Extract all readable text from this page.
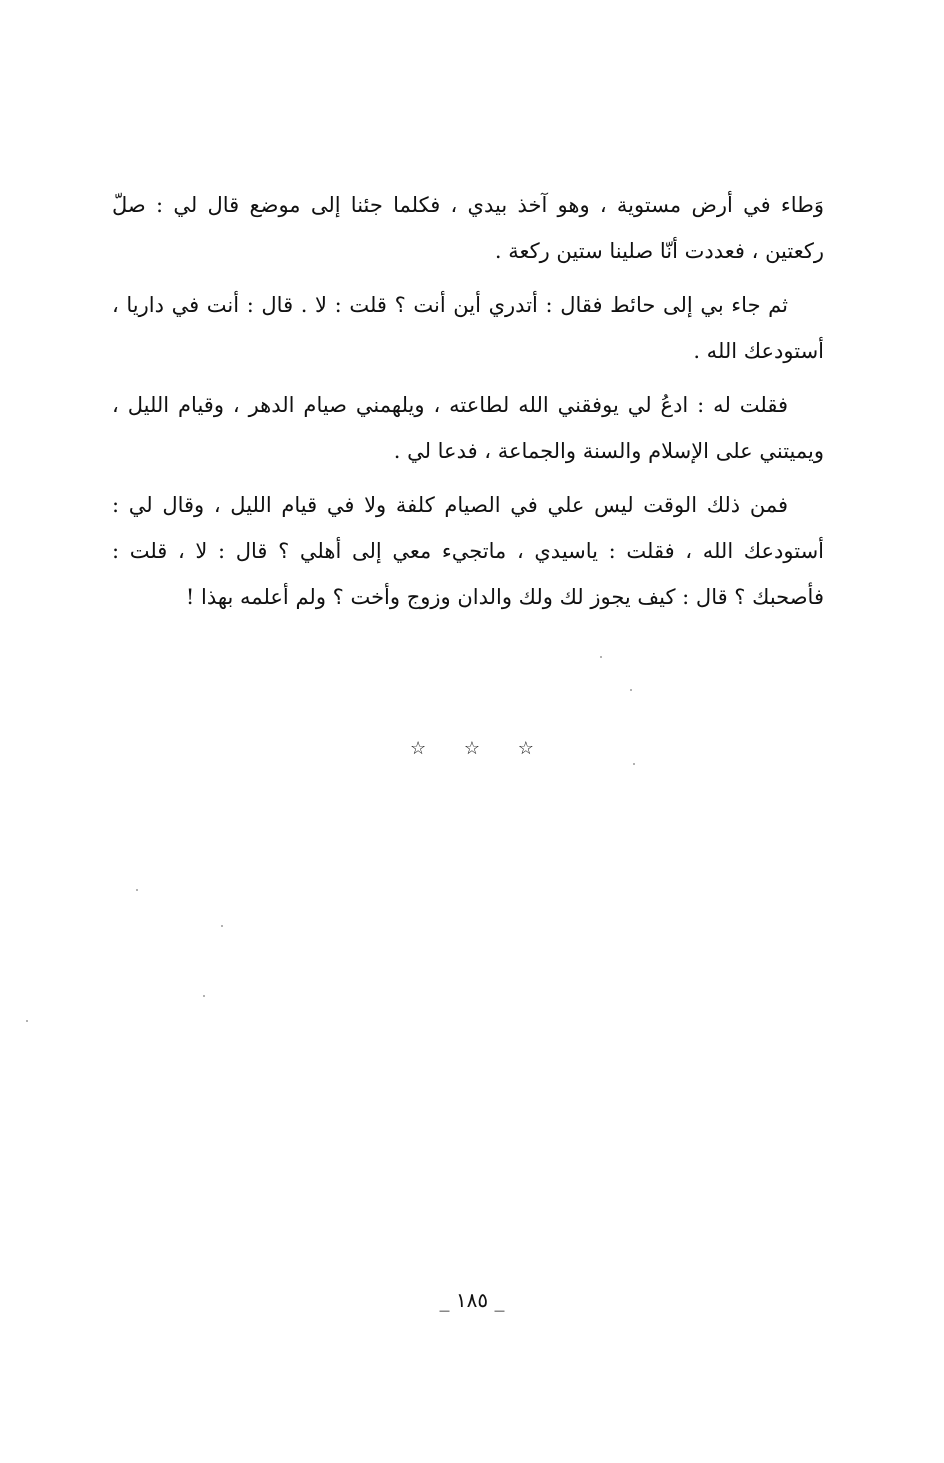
وَطاء في أرض مستوية ، وهو آخذ بيدي ، فكلما جئنا إلى موضع قال لي : صلّ ركعتين ، فعددت أنّا صلينا ستين ركعة .

ثم جاء بي إلى حائط فقال : أتدري أين أنت ؟ قلت : لا . قال : أنت في داريا ، أستودعك الله .

فقلت له : ادعُ لي يوفقني الله لطاعته ، ويلهمني صيام الدهر ، وقيام الليل ، ويميتني على الإسلام والسنة والجماعة ، فدعا لي .

فمن ذلك الوقت ليس علي في الصيام كلفة ولا في قيام الليل ، وقال لي : أستودعك الله ، فقلت : ياسيدي ، ماتجيء معي إلى أهلي ؟ قال : لا ، قلت : فأصحبك ؟ قال : كيف يجوز لك ولك والدان وزوج وأخت ؟ ولم أعلمه بهذا !

☆ ☆ ☆
_ ١٨٥ _
